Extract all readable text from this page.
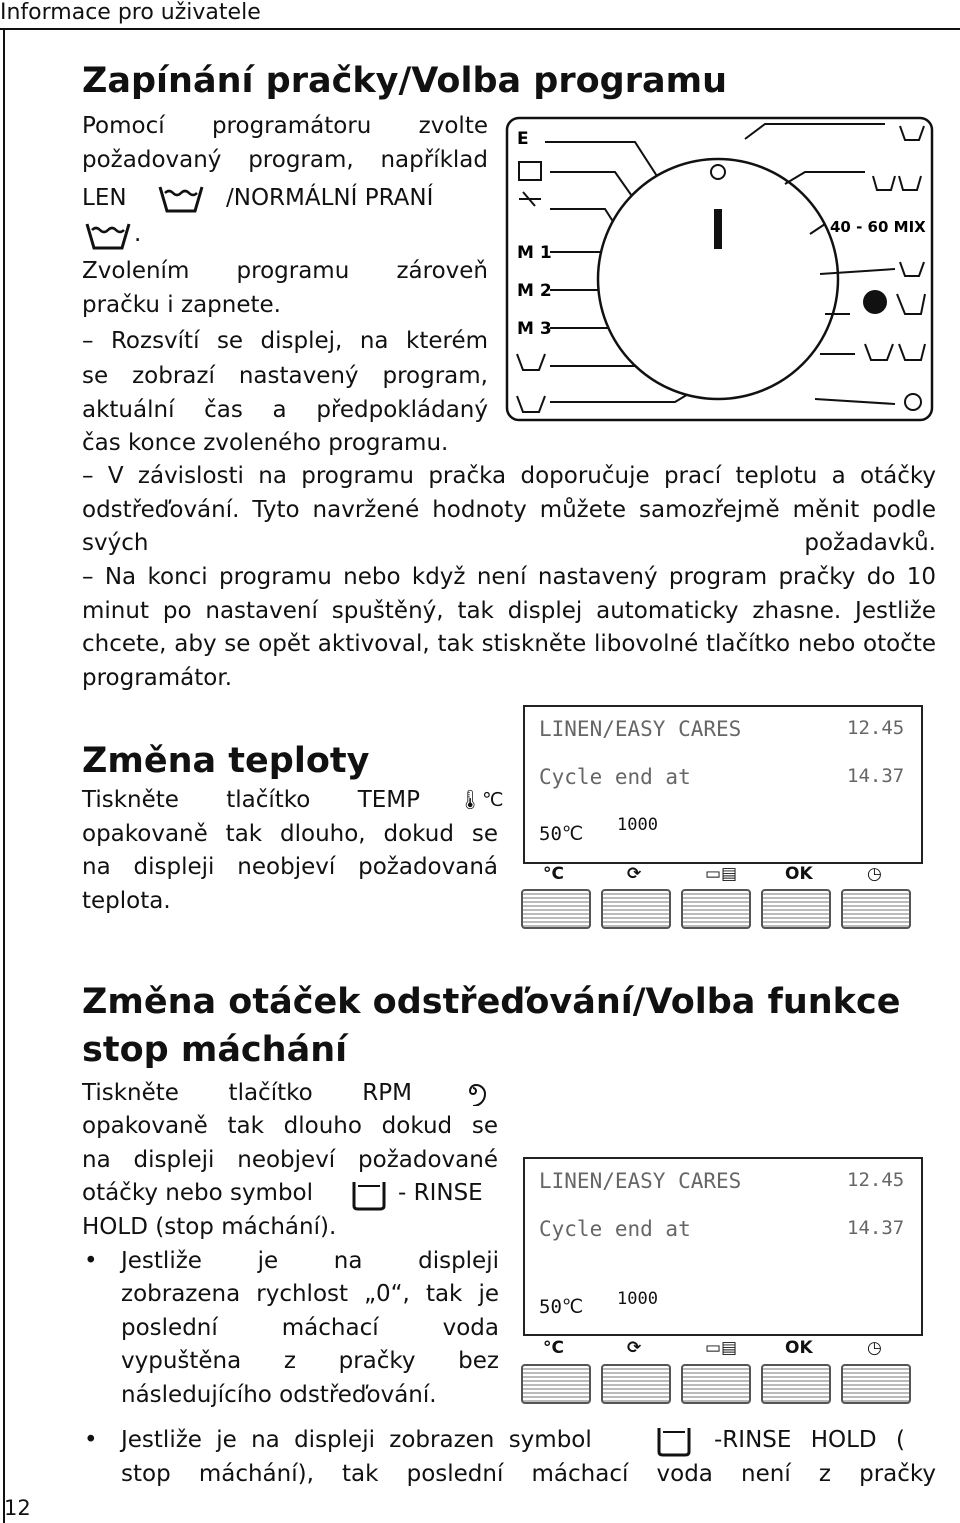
Informace pro uživatele
12
Zapínání pračky/Volba programu
Pomocí programátoru zvolte
požadovaný program, například
LEN	/NORMÁLNÍ PRANÍ
.
Zvolením programu zároveň
pračku i zapnete.
– Rozsvítí se displej, na kterém
se zobrazí nastavený program,
aktuální čas a předpokládaný
čas konce zvoleného programu.
E
M 1
M 2
M 3
40 - 60 MIX
– V závislosti na programu pračka doporučuje prací teplotu a otáčky odstřeďování. Tyto navržené hodnoty můžete samozřejmě měnit podle svých požadavků.
– Na konci programu nebo když není nastavený program pračky do 10 minut po nastavení spuštěný, tak displej automaticky zhasne. Jestliže chcete, aby se opět aktivoval, tak stiskněte libovolné tlačítko nebo otočte programátor.
Změna teploty
Tiskněte tlačítko TEMP 🌡℃
opakovaně tak dlouho, dokud se
na displeji neobjeví požadovaná
teplota.
LINEN/EASY CARES	12.45
Cycle end at	14.37
50℃ 1000
°C	⟳	▭▤	OK	◷
Změna otáček odstřeďování/Volba funkce
stop máchání
Tiskněte tlačítko RPM
opakovaně tak dlouho dokud se
na displeji neobjeví požadované
otáčky nebo symbol	- RINSE
HOLD (stop máchání).
• Jestliže je na displeji
zobrazena rychlost „0“, tak je
poslední máchací voda
vypuštěna z pračky bez
následujícího odstřeďování.
LINEN/EASY CARES	12.45
Cycle end at	14.37
50℃ 1000
°C	⟳	▭▤	OK	◷
• Jestliže je na displeji zobrazen symbol	-RINSE HOLD (
stop máchání), tak poslední máchací voda není z pračky
